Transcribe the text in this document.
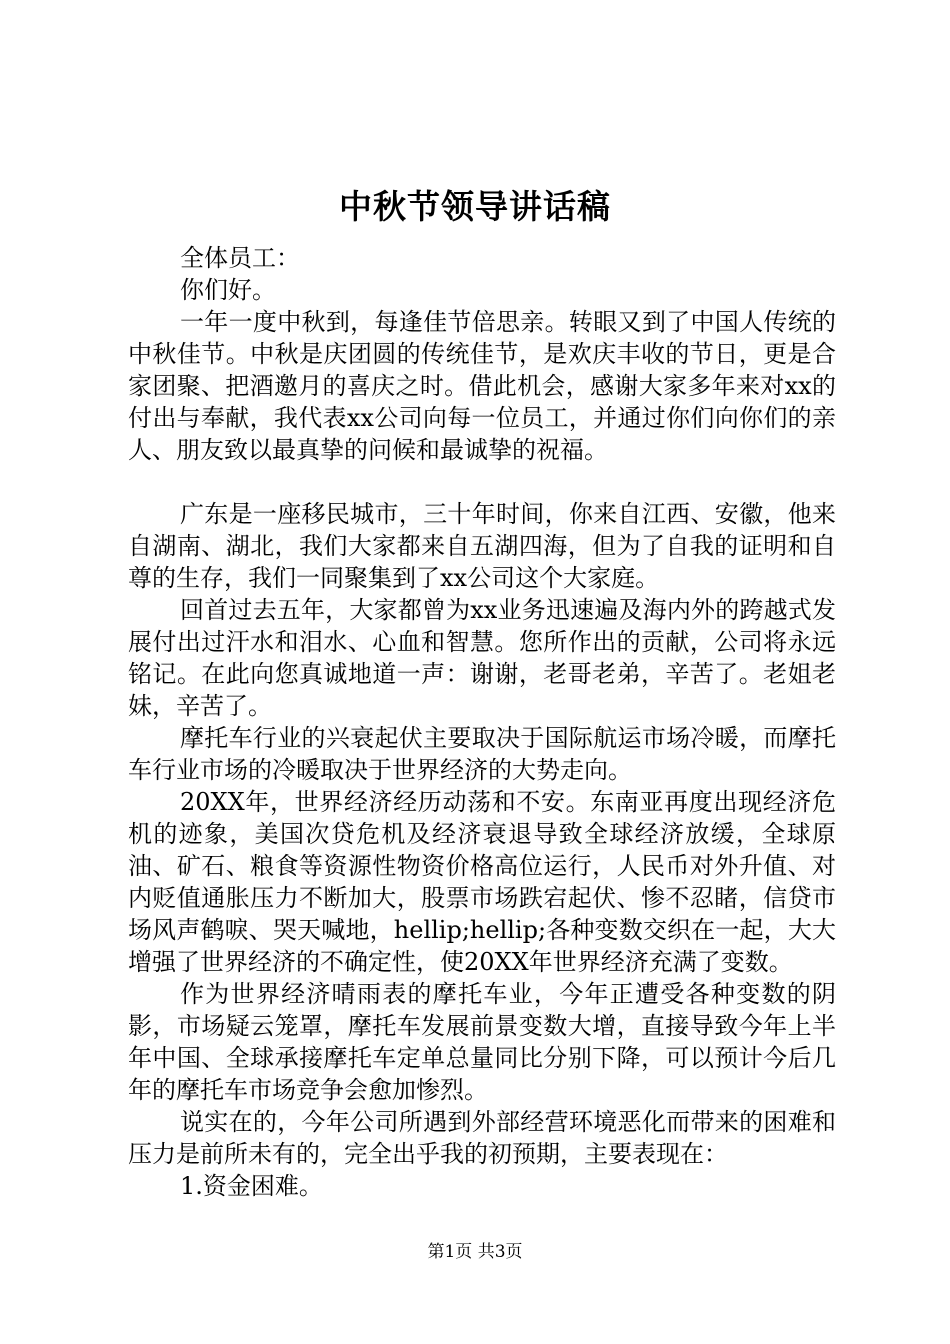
中秋节领导讲话稿

全体员工：

你们好。

一年一度中秋到，每逢佳节倍思亲。转眼又到了中国人传统的中秋佳节。中秋是庆团圆的传统佳节，是欢庆丰收的节日，更是合家团聚、把酒邀月的喜庆之时。借此机会，感谢大家多年来对xx的付出与奉献，我代表xx公司向每一位员工，并通过你们向你们的亲人、朋友致以最真挚的问候和最诚挚的祝福。

广东是一座移民城市，三十年时间，你来自江西、安徽，他来自湖南、湖北，我们大家都来自五湖四海，但为了自我的证明和自尊的生存，我们一同聚集到了xx公司这个大家庭。

回首过去五年，大家都曾为xx业务迅速遍及海内外的跨越式发展付出过汗水和泪水、心血和智慧。您所作出的贡献，公司将永远铭记。在此向您真诚地道一声：谢谢，老哥老弟，辛苦了。老姐老妹，辛苦了。

摩托车行业的兴衰起伏主要取决于国际航运市场冷暖，而摩托车行业市场的冷暖取决于世界经济的大势走向。

20XX年，世界经济经历动荡和不安。东南亚再度出现经济危机的迹象，美国次贷危机及经济衰退导致全球经济放缓，全球原油、矿石、粮食等资源性物资价格高位运行，人民币对外升值、对内贬值通胀压力不断加大，股票市场跌宕起伏、惨不忍睹，信贷市场风声鹤唳、哭天喊地，hellip;hellip;各种变数交织在一起，大大增强了世界经济的不确定性，使20XX年世界经济充满了变数。

作为世界经济晴雨表的摩托车业，今年正遭受各种变数的阴影，市场疑云笼罩，摩托车发展前景变数大增，直接导致今年上半年中国、全球承接摩托车定单总量同比分别下降，可以预计今后几年的摩托车市场竞争会愈加惨烈。

说实在的，今年公司所遇到外部经营环境恶化而带来的困难和压力是前所未有的，完全出乎我的初预期，主要表现在：

1.资金困难。

第1页 共3页
